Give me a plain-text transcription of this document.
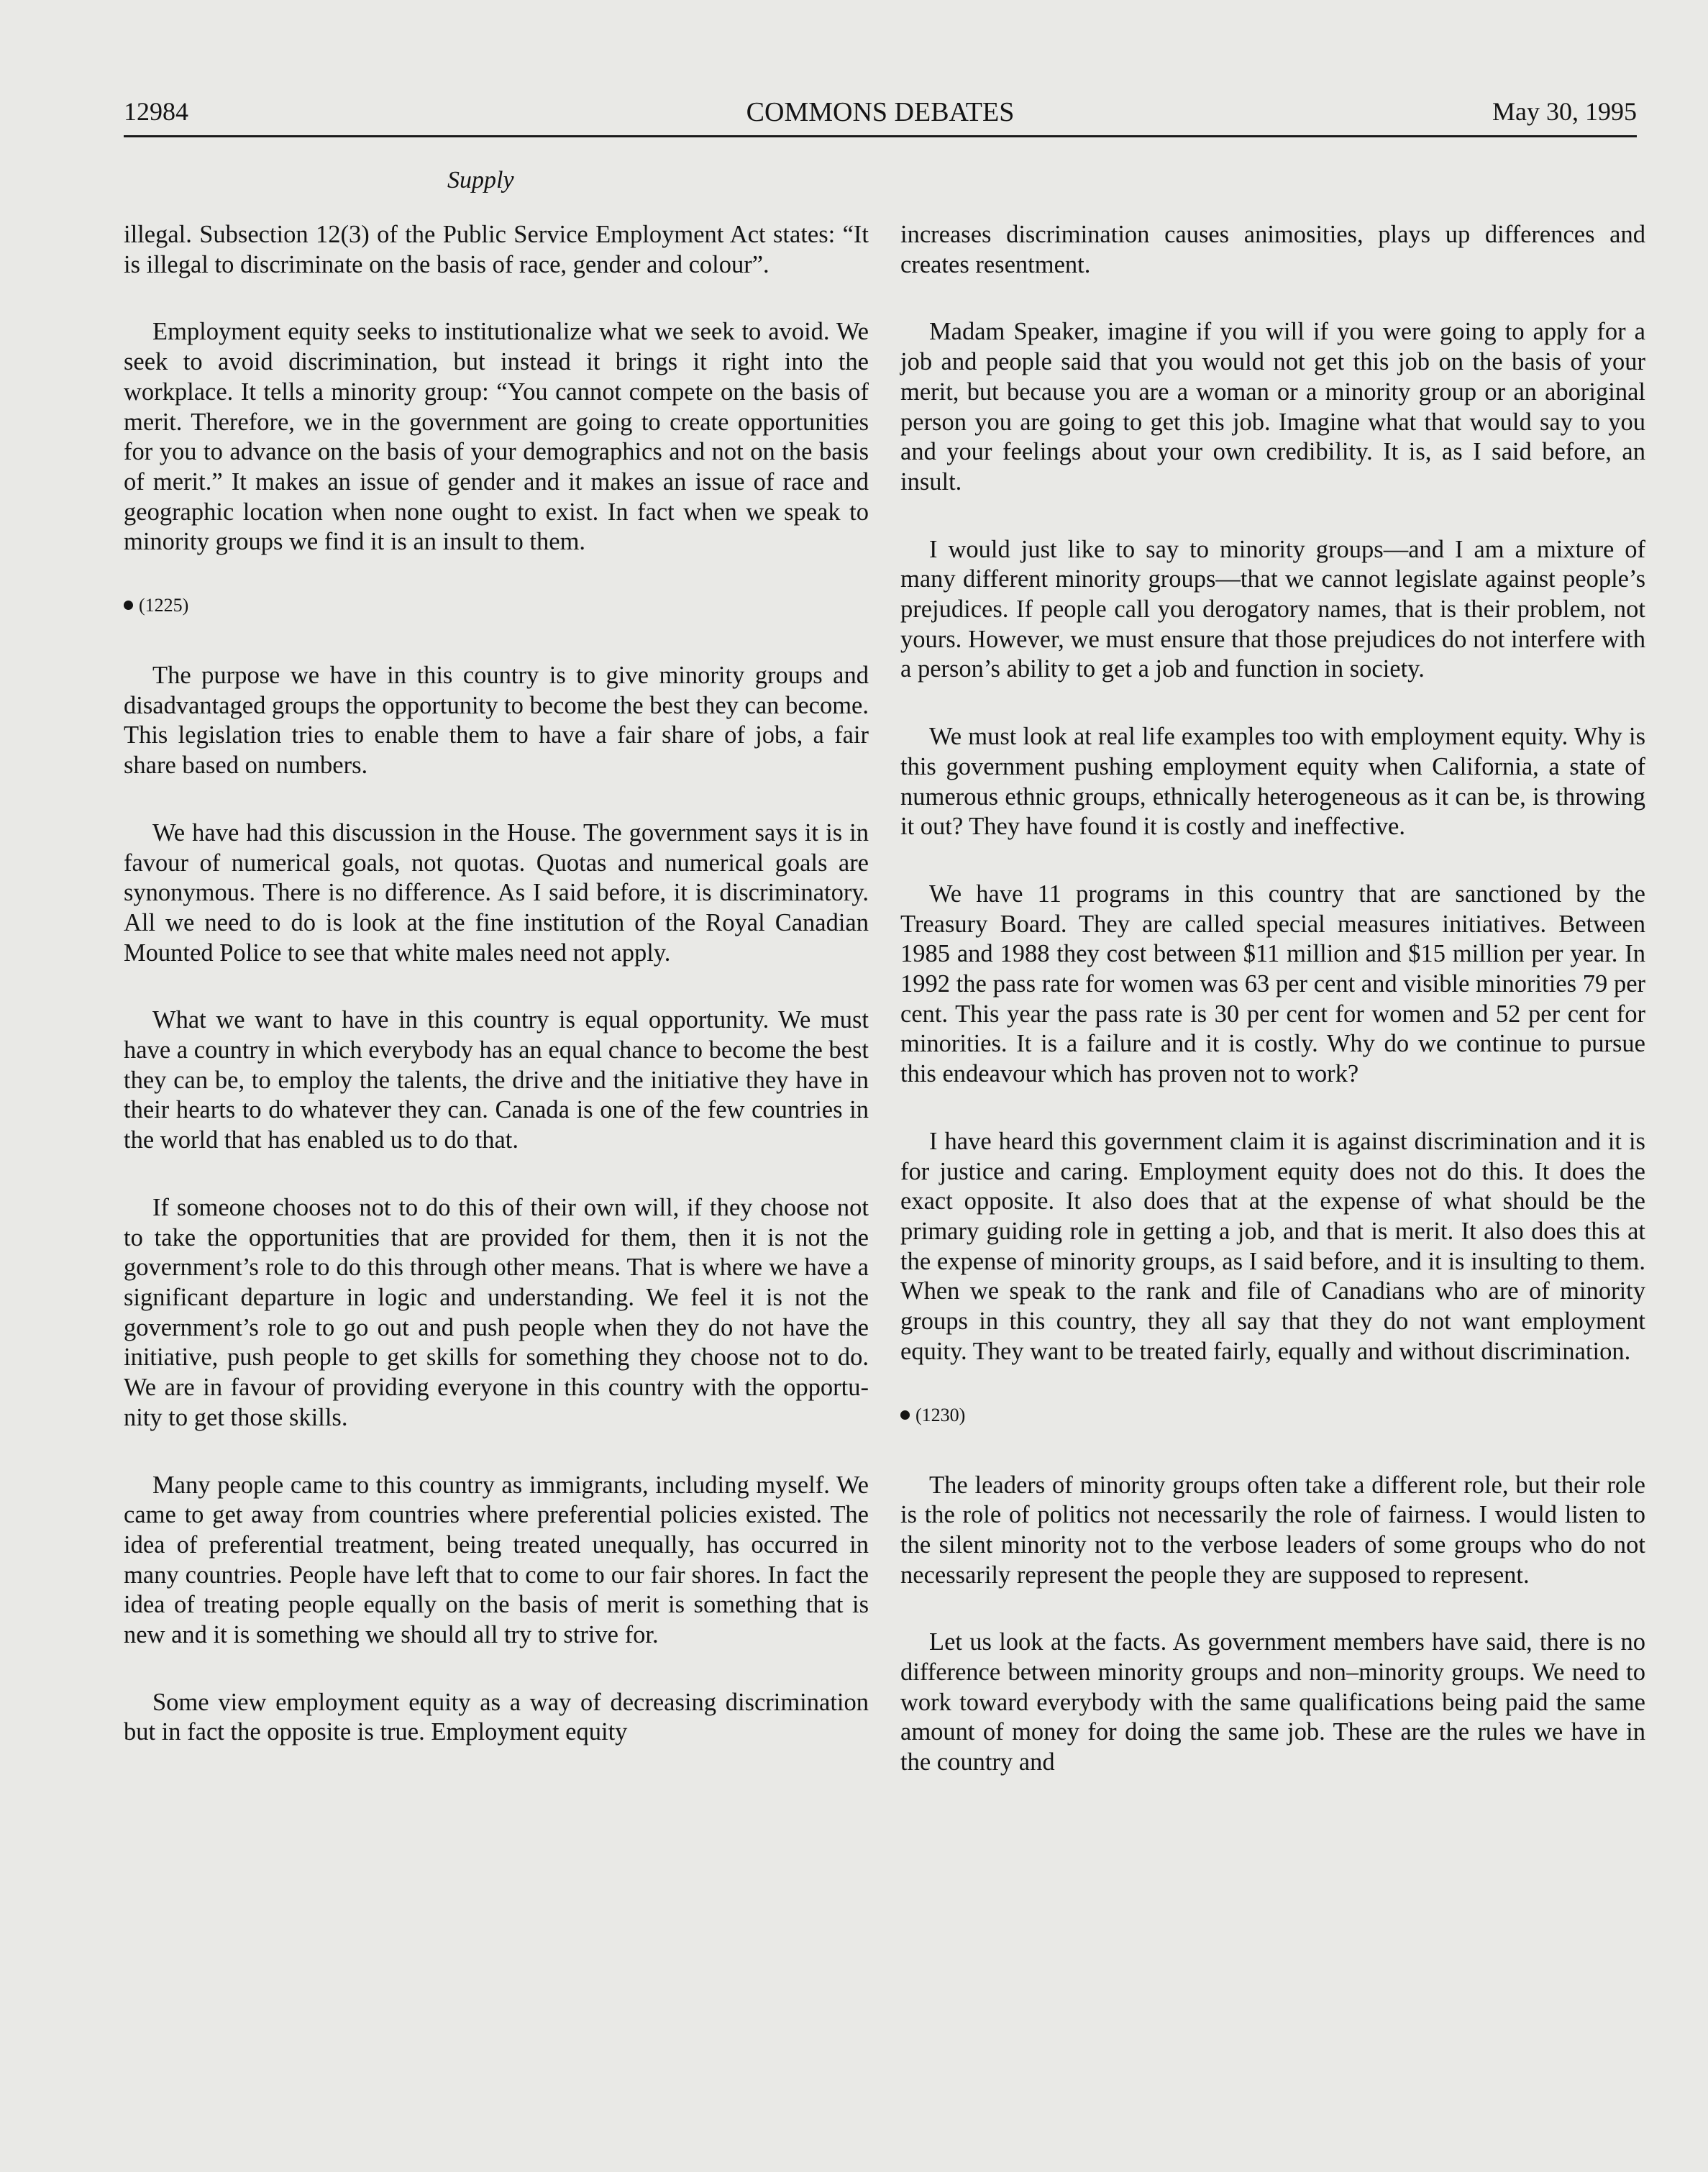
12984	COMMONS DEBATES	May 30, 1995
Supply

illegal. Subsection 12(3) of the Public Service Employment Act states: “It is illegal to discriminate on the basis of race, gender and colour”.

Employment equity seeks to institutionalize what we seek to avoid. We seek to avoid discrimination, but instead it brings it right into the workplace. It tells a minority group: “You cannot compete on the basis of merit. Therefore, we in the government are going to create opportunities for you to advance on the basis of your demographics and not on the basis of merit.” It makes an issue of gender and it makes an issue of race and geographic location when none ought to exist. In fact when we speak to minority groups we find it is an insult to them.

(1225)

The purpose we have in this country is to give minority groups and disadvantaged groups the opportunity to become the best they can become. This legislation tries to enable them to have a fair share of jobs, a fair share based on numbers.

We have had this discussion in the House. The government says it is in favour of numerical goals, not quotas. Quotas and numerical goals are synonymous. There is no difference. As I said before, it is discriminatory. All we need to do is look at the fine institution of the Royal Canadian Mounted Police to see that white males need not apply.

What we want to have in this country is equal opportunity. We must have a country in which everybody has an equal chance to become the best they can be, to employ the talents, the drive and the initiative they have in their hearts to do whatever they can. Canada is one of the few countries in the world that has enabled us to do that.

If someone chooses not to do this of their own will, if they choose not to take the opportunities that are provided for them, then it is not the government’s role to do this through other means. That is where we have a significant departure in logic and understanding. We feel it is not the government’s role to go out and push people when they do not have the initiative, push people to get skills for something they choose not to do. We are in favour of providing everyone in this country with the opportunity to get those skills.

Many people came to this country as immigrants, including myself. We came to get away from countries where preferential policies existed. The idea of preferential treatment, being treated unequally, has occurred in many countries. People have left that to come to our fair shores. In fact the idea of treating people equally on the basis of merit is something that is new and it is something we should all try to strive for.

Some view employment equity as a way of decreasing discrimination but in fact the opposite is true. Employment equity

increases discrimination causes animosities, plays up differences and creates resentment.

Madam Speaker, imagine if you will if you were going to apply for a job and people said that you would not get this job on the basis of your merit, but because you are a woman or a minority group or an aboriginal person you are going to get this job. Imagine what that would say to you and your feelings about your own credibility. It is, as I said before, an insult.

I would just like to say to minority groups—and I am a mixture of many different minority groups—that we cannot legislate against people’s prejudices. If people call you derogatory names, that is their problem, not yours. However, we must ensure that those prejudices do not interfere with a person’s ability to get a job and function in society.

We must look at real life examples too with employment equity. Why is this government pushing employment equity when California, a state of numerous ethnic groups, ethnically heterogeneous as it can be, is throwing it out? They have found it is costly and ineffective.

We have 11 programs in this country that are sanctioned by the Treasury Board. They are called special measures initiatives. Between 1985 and 1988 they cost between $11 million and $15 million per year. In 1992 the pass rate for women was 63 per cent and visible minorities 79 per cent. This year the pass rate is 30 per cent for women and 52 per cent for minorities. It is a failure and it is costly. Why do we continue to pursue this endeavour which has proven not to work?

I have heard this government claim it is against discrimination and it is for justice and caring. Employment equity does not do this. It does the exact opposite. It also does that at the expense of what should be the primary guiding role in getting a job, and that is merit. It also does this at the expense of minority groups, as I said before, and it is insulting to them. When we speak to the rank and file of Canadians who are of minority groups in this country, they all say that they do not want employment equity. They want to be treated fairly, equally and without discrimination.

(1230)

The leaders of minority groups often take a different role, but their role is the role of politics not necessarily the role of fairness. I would listen to the silent minority not to the verbose leaders of some groups who do not necessarily represent the people they are supposed to represent.

Let us look at the facts. As government members have said, there is no difference between minority groups and non–minority groups. We need to work toward everybody with the same qualifications being paid the same amount of money for doing the same job. These are the rules we have in the country and
